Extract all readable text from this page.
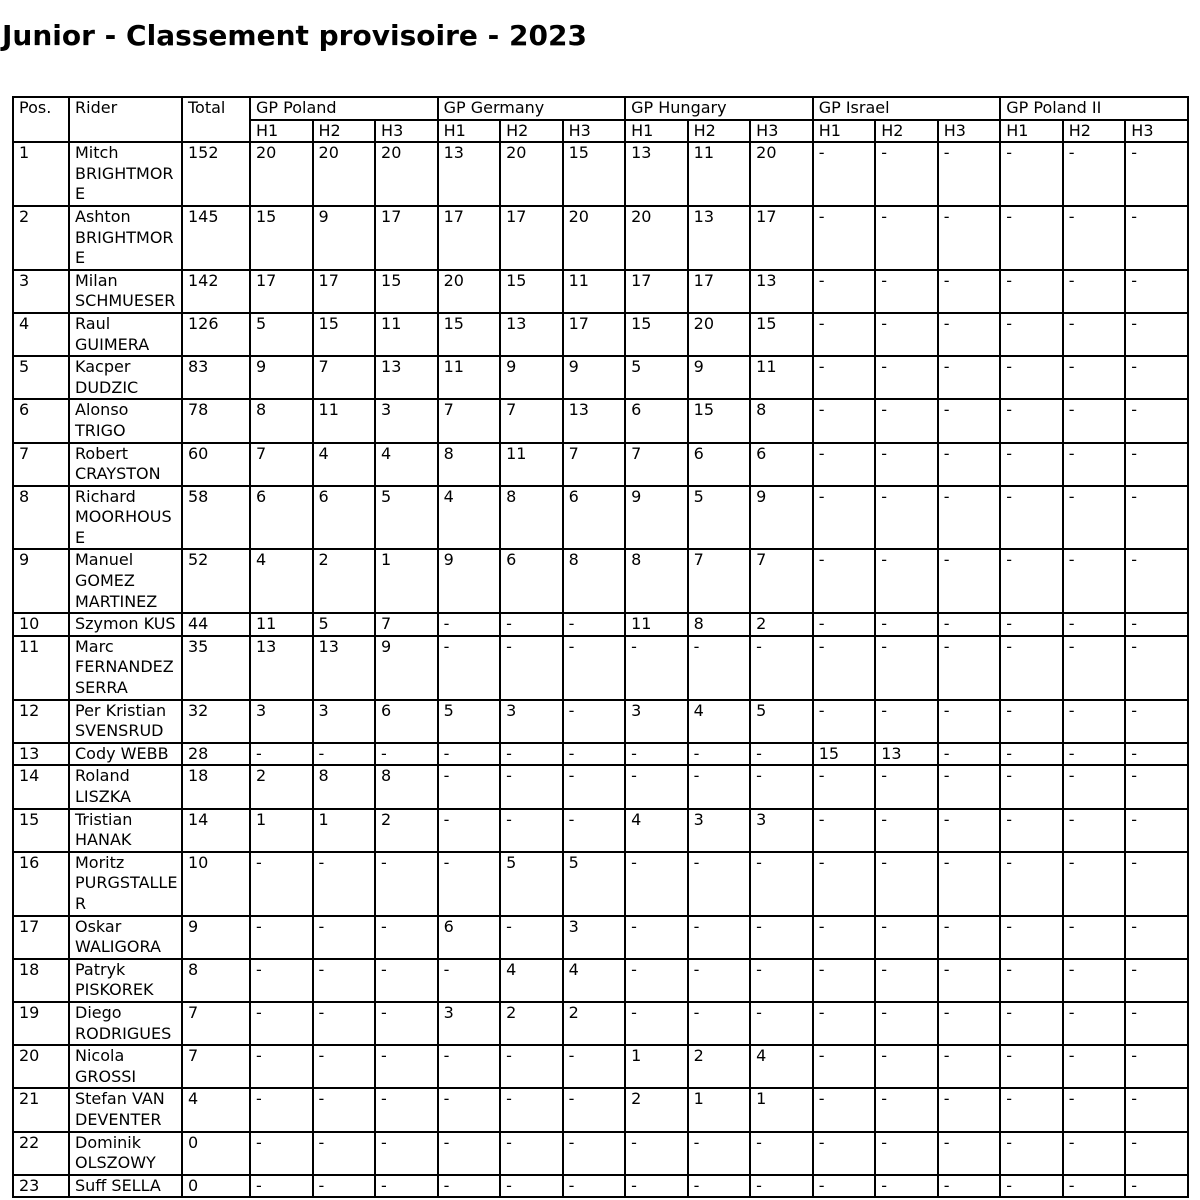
Junior - Classement provisoire - 2023
Pos.	Rider	Total	GP Poland			GP Germany			GP Hungary			GP Israel			GP Poland II		
			H1	H2	H3	H1	H2	H3	H1	H2	H3	H1	H2	H3	H1	H2	H3
1	Mitch BRIGHTMORE	152	20	20	20	13	20	15	13	11	20	-	-	-	-	-	-
2	Ashton BRIGHTMORE	145	15	9	17	17	17	20	20	13	17	-	-	-	-	-	-
3	Milan SCHMUESER	142	17	17	15	20	15	11	17	17	13	-	-	-	-	-	-
4	Raul GUIMERA	126	5	15	11	15	13	17	15	20	15	-	-	-	-	-	-
5	Kacper DUDZIC	83	9	7	13	11	9	9	5	9	11	-	-	-	-	-	-
6	Alonso TRIGO	78	8	11	3	7	7	13	6	15	8	-	-	-	-	-	-
7	Robert CRAYSTON	60	7	4	4	8	11	7	7	6	6	-	-	-	-	-	-
8	Richard MOORHOUSE	58	6	6	5	4	8	6	9	5	9	-	-	-	-	-	-
9	Manuel GOMEZ MARTINEZ	52	4	2	1	9	6	8	8	7	7	-	-	-	-	-	-
10	Szymon KUS	44	11	5	7	-	-	-	11	8	2	-	-	-	-	-	-
11	Marc FERNANDEZ SERRA	35	13	13	9	-	-	-	-	-	-	-	-	-	-	-	-
12	Per Kristian SVENSRUD	32	3	3	6	5	3	-	3	4	5	-	-	-	-	-	-
13	Cody WEBB	28	-	-	-	-	-	-	-	-	-	15	13	-	-	-	-
14	Roland LISZKA	18	2	8	8	-	-	-	-	-	-	-	-	-	-	-	-
15	Tristian HANAK	14	1	1	2	-	-	-	4	3	3	-	-	-	-	-	-
16	Moritz PURGSTALLER	10	-	-	-	-	5	5	-	-	-	-	-	-	-	-	-
17	Oskar WALIGORA	9	-	-	-	6	-	3	-	-	-	-	-	-	-	-	-
18	Patryk PISKOREK	8	-	-	-	-	4	4	-	-	-	-	-	-	-	-	-
19	Diego RODRIGUES	7	-	-	-	3	2	2	-	-	-	-	-	-	-	-	-
20	Nicola GROSSI	7	-	-	-	-	-	-	1	2	4	-	-	-	-	-	-
21	Stefan VAN DEVENTER	4	-	-	-	-	-	-	2	1	1	-	-	-	-	-	-
22	Dominik OLSZOWY	0	-	-	-	-	-	-	-	-	-	-	-	-	-	-	-
23	Suff SELLA	0	-	-	-	-	-	-	-	-	-	-	-	-	-	-	-
